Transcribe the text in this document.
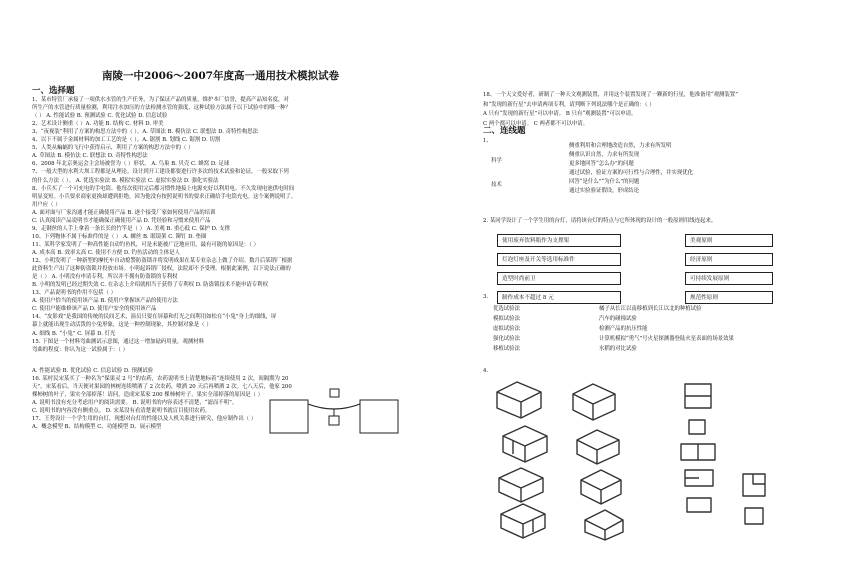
南陵一中2006～2007年度高一通用技术模拟试卷
一、选择题
1、某市特管厂承接了一项供水水管的生产任务，为了保证产品的质量，维护本厂信誉，提高产品知名度，对
所生产的水管进行质量检测，利用注水加压的方法检测水管的强度，这种试验方法属于以下试验中的哪一种？
（ ） A. 性能试验 B. 预测试验 C. 优化试验 D. 信息试验
2、艺术设计侧重（ ）A. 功能 B. 结构 C. 材料 D. 审美
3、“夜视装”利用了方案的构思方法中的（ ）。A. 草图法 B. 模仿法 C. 联想法 D. 奇特性构思法
4、以下不属于金属材料的加工工艺的是（ ）。A. 锯割 B. 划线 C. 锯割 D. 切割
5、人类从蝙蝠的飞行中获得启示，利用了方案的构思方法中的（ ）
A. 草图法 B. 模仿法 C. 联想法 D. 奇特性构思法
6、2008 年北京奥运会主会场被誉为（ ）形状。 A. 鸟巢 B. 贝壳 C. 蜂窝 D. 足球
7、一般大型的水利大坝工程都是从理论，设计到开工建设都要进行许多次的技术试验和论证，一般采取下列
的什么方法（ ）。 A. 优选实验法 B. 模拟实验法 C. 虚拟实验法 D. 强化实验法
8、小兵买了一个可充电的手电筒。他每次使用完后都习惯性地接上电源充好以利用电。不久发现电池供电时间
明显变短。小兵要求商家更换却遭到拒绝，因为他没有按照说明书的要求正确给手电筒充电。这个案例说明了。
用户应（ ）
A. 面对面与厂家沟通才能正确使用产品 B. 逐个接受厂家如何使用产品的培训
C. 认真阅读产品说明书才能确保正确使用产品 D. 凭经验和习惯来使用产品
9、走钢丝的人手上拿着一条长长的竹竿是（ ） A. 美观 B. 重心低 C. 保护 D. 支撑
10、下列物体不属于标准件的是（ ） A. 螺丝 B. 眼镜架 C. 铆钉 D. 垫圈
11、某科学家发明了一种高性能自动钓鱼机，可是未能被广泛地应用，最有可能的原因是：（ ）
A. 成本高 B. 效率太高 C. 使用不方便 D. 钓鱼活动的主体是人
12、小明发明了一种新型的摩托车自动熄警防盗锁并将发明成果在某专业杂志上做了介绍。数月后某销厂根据
此资料生产出了这种防盗锁并投放市场。小明起诉销厂侵权，法院却不予受理。根据此案例，以下说法正确的
是（ ） A. 小明没有申请专利，所以并不拥有防盗锁的专利权
B. 小明的发明已经过期失效 C. 在杂志上介绍就相当于获得了专利权 D. 防盗锁技术不能申请专利权
13、产品说明书的作用不包括（ ）
A. 使用户恰当的使用该产品 B. 使用户掌握该产品的使用方法
C. 使用户能维修该产品 D. 使用户安全的使用该产品
14、“皮影戏”是我国的传统的民间艺术，演员只要在屏幕和灯光之间利用如松在“小兔”身上的细线，屏
幕上就能出现生动活泼的小兔形象，这是一种控制现象，其控制对象是（ ）
A. 细线 B. “小兔” C. 屏幕 D. 灯光
15. 下图是一个材料弯曲测试示意图，通过这一增加砝码用量，观测材料
弯曲的程度：你认为这一试验属于：（ ）
A. 性能试验 B. 优化试验 C. 信息试验 D. 预测试验
16. 某村民宋某买了一种名为“保果灵 2 号”的农药，农药说明书上清楚地标着“连续使用 2 次，间隔期为 20
天”，宋某看后，当天便对果园的林树连续喷洒了 2 次农药，喷洒 20 天后再喷洒 2 次。七八天后，他家 200
棵柿树的叶子，果实全部掉落！请问，造成宋某家 200 棵柿树叶子，果实全部掉落的原因是（ ）
A. 说明书没有充分考虑用户的阅读需要。 B. 说明书的内容表述不清楚，“滤而不明”。
C. 说明书的内容没有侧重点。 D. 宋某没有看清楚说明书就盲目使用农药。
17、王势设计一个学生用的台灯，现想对台灯的性能以及人机关系进行研究，他应制作出（ ）
A、概念模型 B、结构模型 C、功能模型 D、展示模型
18、一个天文爱好者，研制了一种天文观测装置，并用这个装置发现了一颗新的行星，他准备用“观测装置”
和“发现的新行星”去申请两项专利，请判断下列说法哪个是正确的：（ ）
A 只有“发现的新行星”可以申请。 B 只有“观测装置”可以申请。
C 两个都可以申请。 C 两者都不可以申请。
二、连线题
1、
科学
技术
侧重利用和合理地改造自然，力求有所发明
侧重认识自然，力求有所发现
更多地回答“怎么办”的问题
通过试验，验证方案的可行性与合理性，并实现优化
回答“是什么”“为什么”的问题
通过实验验证假设，形成结论
2. 某同学设计了一个学生用的台灯，请将该台灯的特点与它所体现的设计的一般原则用线连起来。
使用废弃饮料瓶作为支撑架
灯泡灯座及开关等选用标准件
造型时尚前卫
制作成本不超过 8 元
美观原则
经济原则
可持续发展原则
规范性原则
3.
优选试验法
模拟试验法
虚拟试验法
强化试验法
移植试验法
橘子从长江以南移植到长江以北的种植试验
汽车的碰撞试验
检测产品的抗压性能
计算机模拟“勇气”号火星探测器登陆火星表面的场景效果
水稻的对比试验
4.
